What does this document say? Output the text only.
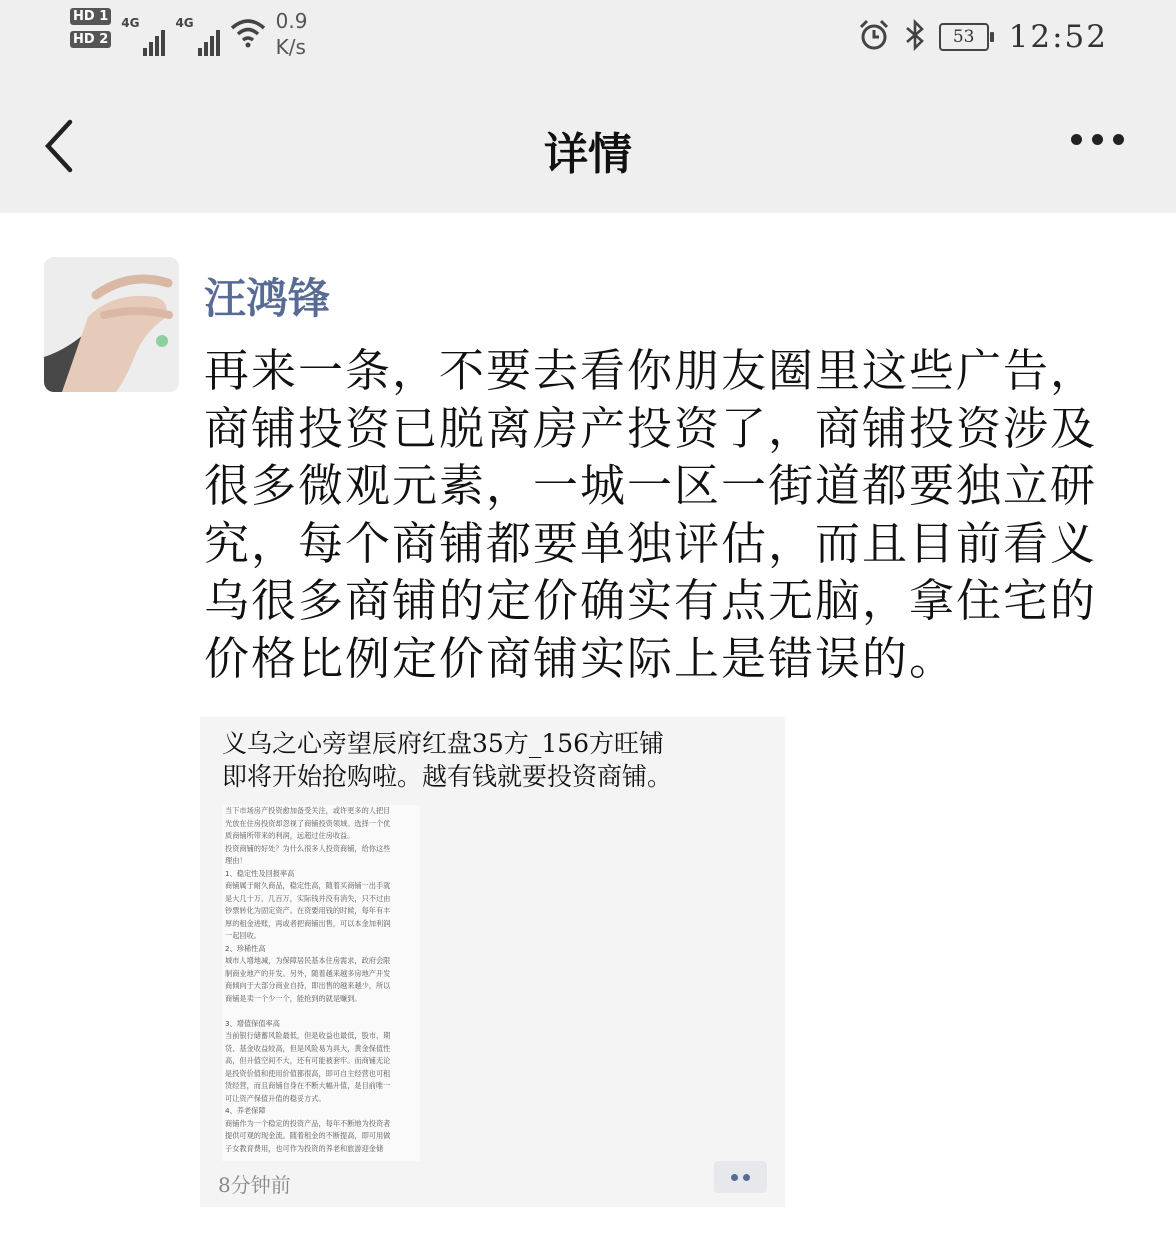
HD 1
HD 2
4G	4G	0.9
K/s	53	12:52
详情
汪鸿锋
再来一条，不要去看你朋友圈里这些广告，
商铺投资已脱离房产投资了，商铺投资涉及
很多微观元素，一城一区一街道都要独立研
究，每个商铺都要单独评估，而且目前看义
乌很多商铺的定价确实有点无脑，拿住宅的
价格比例定价商铺实际上是错误的。
义乌之心旁望辰府红盘35方_156方旺铺
即将开始抢购啦。越有钱就要投资商铺。
当下市场房产投资愈加备受关注，或许更多的人把目
光放在住房投资却忽视了商铺投资领域。选择一个优
质商铺所带来的利润，远超过住房收益。
投资商铺的好处？为什么很多人投资商铺，给你这些
理由！
1、稳定性及回报率高
商铺属于耐久商品，稳定性高，随着买商铺一出手就
是大几十万、几百万，实际钱并没有消失，只不过由
钞票转化为固定资产。在资要用钱的时候，每年有丰
厚的租金进账，再或者把商铺出售，可以本金加利润
一起回收。
2、珍稀性高
城市人增地减，为保障居民基本住房需求，政府会限
制商业地产的开发。另外，随着越来越多房地产开发
商倾向于大部分商业自持，即出售的越来越少，所以
商铺是卖一个少一个，能抢到的就是赚到。

3、增值保值率高
当前银行储蓄风险最低，但是收益也最低，股市、期
货、基金收益较高，但是风险易为具大，黄金保值性
高，但升值空间不大，还有可能被套牢。而商铺无论
是投资价值和使用价值都很高，即可自主经营也可租
赁经营，而且商铺自身在不断大幅升值，是目前唯一
可让资产保值升值的稳妥方式。
4、养老保障
商铺作为一个稳定的投资产品，每年不断地为投资者
提供可观的现金流。随着租金的不断提高，即可用做
子女教育费用，也可作为投资的养老和旅游迎金储
8分钟前
